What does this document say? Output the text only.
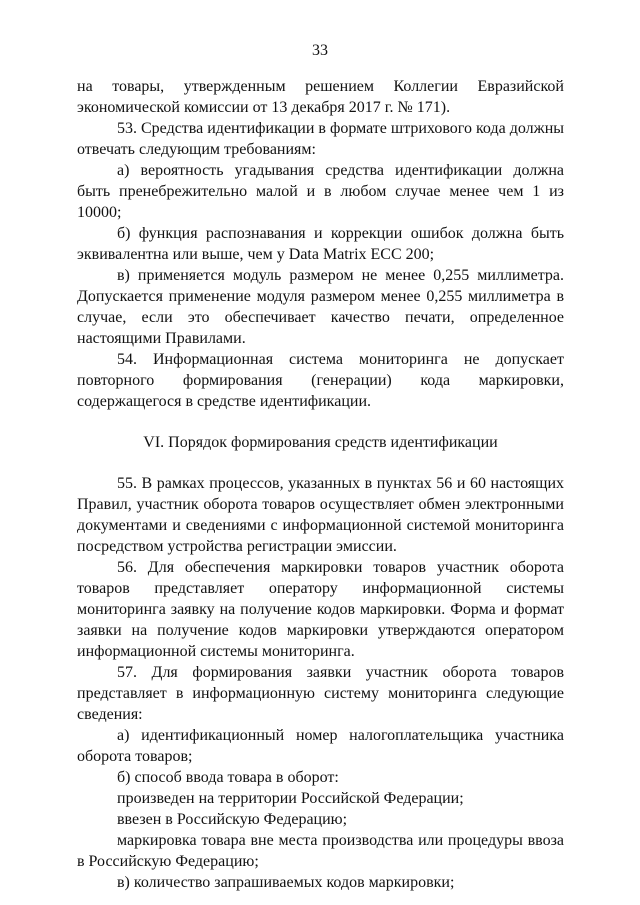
33

на товары, утвержденным решением Коллегии Евразийской экономической комиссии от 13 декабря 2017 г. № 171).

53. Средства идентификации в формате штрихового кода должны отвечать следующим требованиям:

а) вероятность угадывания средства идентификации должна быть пренебрежительно малой и в любом случае менее чем 1 из 10000;

б) функция распознавания и коррекции ошибок должна быть эквивалентна или выше, чем у Data Matrix ECC 200;

в) применяется модуль размером не менее 0,255 миллиметра. Допускается применение модуля размером менее 0,255 миллиметра в случае, если это обеспечивает качество печати, определенное настоящими Правилами.

54. Информационная система мониторинга не допускает повторного формирования (генерации) кода маркировки, содержащегося в средстве идентификации.

VI. Порядок формирования средств идентификации

55. В рамках процессов, указанных в пунктах 56 и 60 настоящих Правил, участник оборота товаров осуществляет обмен электронными документами и сведениями с информационной системой мониторинга посредством устройства регистрации эмиссии.

56. Для обеспечения маркировки товаров участник оборота товаров представляет оператору информационной системы мониторинга заявку на получение кодов маркировки. Форма и формат заявки на получение кодов маркировки утверждаются оператором информационной системы мониторинга.

57. Для формирования заявки участник оборота товаров представляет в информационную систему мониторинга следующие сведения:

а) идентификационный номер налогоплательщика участника оборота товаров;

б) способ ввода товара в оборот:

произведен на территории Российской Федерации;

ввезен в Российскую Федерацию;

маркировка товара вне места производства или процедуры ввоза в Российскую Федерацию;

в) количество запрашиваемых кодов маркировки;
